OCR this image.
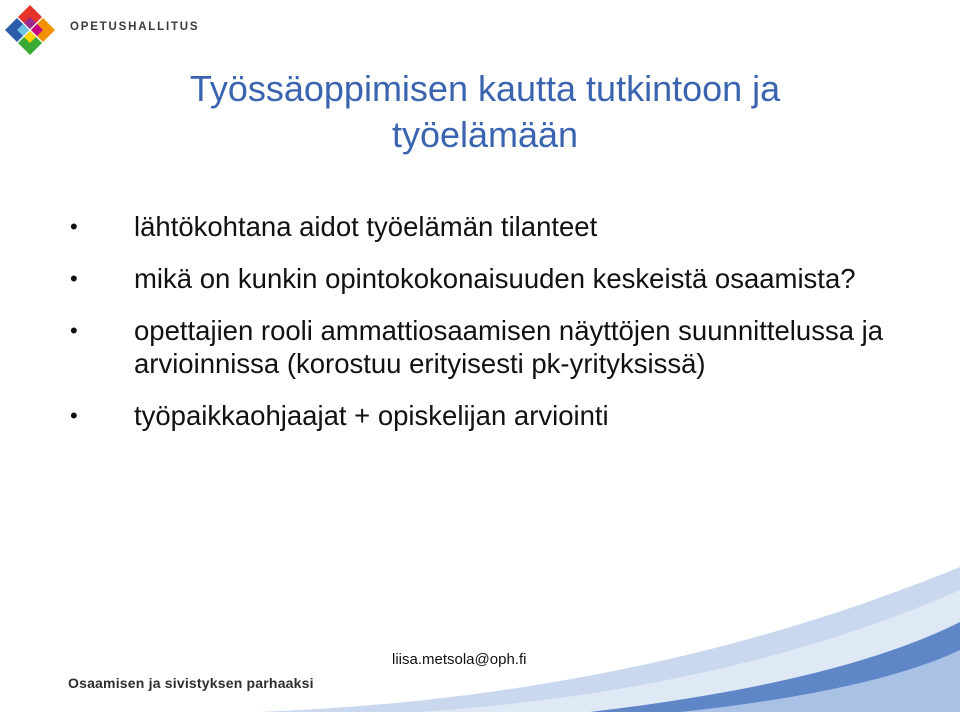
OPETUSHALLITUS
Työssäoppimisen kautta tutkintoon ja työelämään
• lähtökohtana aidot työelämän tilanteet
• mikä on kunkin opintokokonaisuuden keskeistä osaamista?
• opettajien rooli ammattiosaamisen näyttöjen suunnittelussa ja arvioinnissa (korostuu erityisesti pk-yrityksissä)
• työpaikkaohjaajat + opiskelijan arviointi
liisa.metsola@oph.fi
Osaamisen ja sivistyksen parhaaksi
